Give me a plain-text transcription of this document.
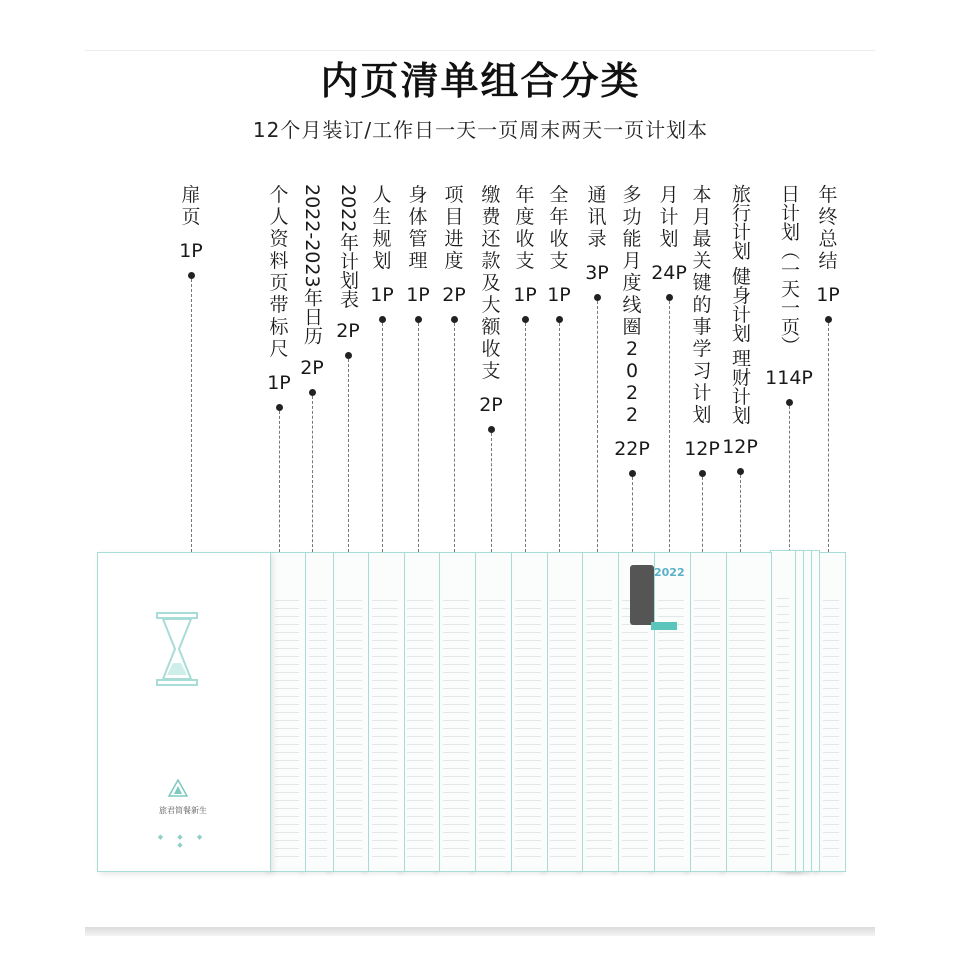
内页清单组合分类
12个月装订/工作日一天一页周末两天一页计划本
扉页
1P
个人资料页带标尺
1P
2022-2023年日历
2P
2022年计划表
2P
人生规划
1P
身体管理
1P
项目进度
2P
缴费还款及大额收支
2P
年度收支
1P
全年收支
1P
通讯录
3P
多功能月度线圈2022
22P
月计划
24P
本月最关键的事学习计划
12P
旅行计划 健身计划 理财计划
12P
日计划（一天一页）
114P
年终总结
1P
2022
旅君简餐新生
◆ ◆ ◆ ◆
